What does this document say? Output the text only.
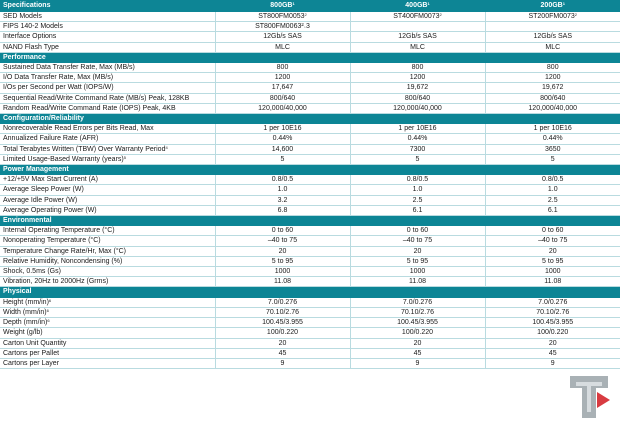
Specifications	$800GB^1$	$400GB^1$	$200GB^1$
SED Models	ST800FM0053$^2$	ST400FM0073$^2$	ST200FM0073$^2$
FIPS 140-2 Models	ST800FM0063²˒3		
Interface Options	12Gb/s SAS	12Gb/s SAS	12Gb/s SAS
NAND Flash Type	MLC	MLC	MLC
Performance			
Sustained Data Transfer Rate, Max (MB/s)	800	800	800
I/O Data Transfer Rate, Max (MB/s)	1200	1200	1200
I/Os per Second per Watt (IOPS/W)	17,647	19,672	19,672
Sequential Read/Write Command Rate (MB/s) Peak, 128KB	800/640	800/640	800/640
Random Read/Write Command Rate (IOPS) Peak, 4KB	120,000/40,000	120,000/40,000	120,000/40,000
Configuration/Reliability			
Nonrecoverable Read Errors per Bits Read, Max	1 per 10E16	1 per 10E16	1 per 10E16
Annualized Failure Rate (AFR)	0.44%	0.44%	0.44%
Total Terabytes Written (TBW) Over Warranty Period$^4$	14,600	7300	3650
Limited Usage-Based Warranty (years)$^5$	5	5	5
Power Management			
+12/+5V Max Start Current (A)	0.8/0.5	0.8/0.5	0.8/0.5
Average Sleep Power (W)	1.0	1.0	1.0
Average Idle Power (W)	3.2	2.5	2.5
Average Operating Power (W)	6.8	6.1	6.1
Environmental			
Internal Operating Temperature (°C)	0 to 60	0 to 60	0 to 60
Nonoperating Temperature (°C)	–40 to 75	–40 to 75	–40 to 75
Temperature Change Rate/Hr, Max (°C)	20	20	20
Relative Humidity, Noncondensing (%)	5 to 95	5 to 95	5 to 95
Shock, 0.5ms (Gs)	1000	1000	1000
Vibration, 20Hz to 2000Hz (Grms)	11.08	11.08	11.08
Physical			
Height $(mm/in)^6$	7.0/0.276	7.0/0.276	7.0/0.276
Width $(mm/in)^6$	70.10/2.76	70.10/2.76	70.10/2.76
Depth $(mm/in)^6$	100.45/3.955	100.45/3.955	100.45/3.955
Weight (g/lb)	100/0.220	100/0.220	100/0.220
Carton Unit Quantity	20	20	20
Cartons per Pallet	45	45	45
Cartons per Layer	9	9	9
